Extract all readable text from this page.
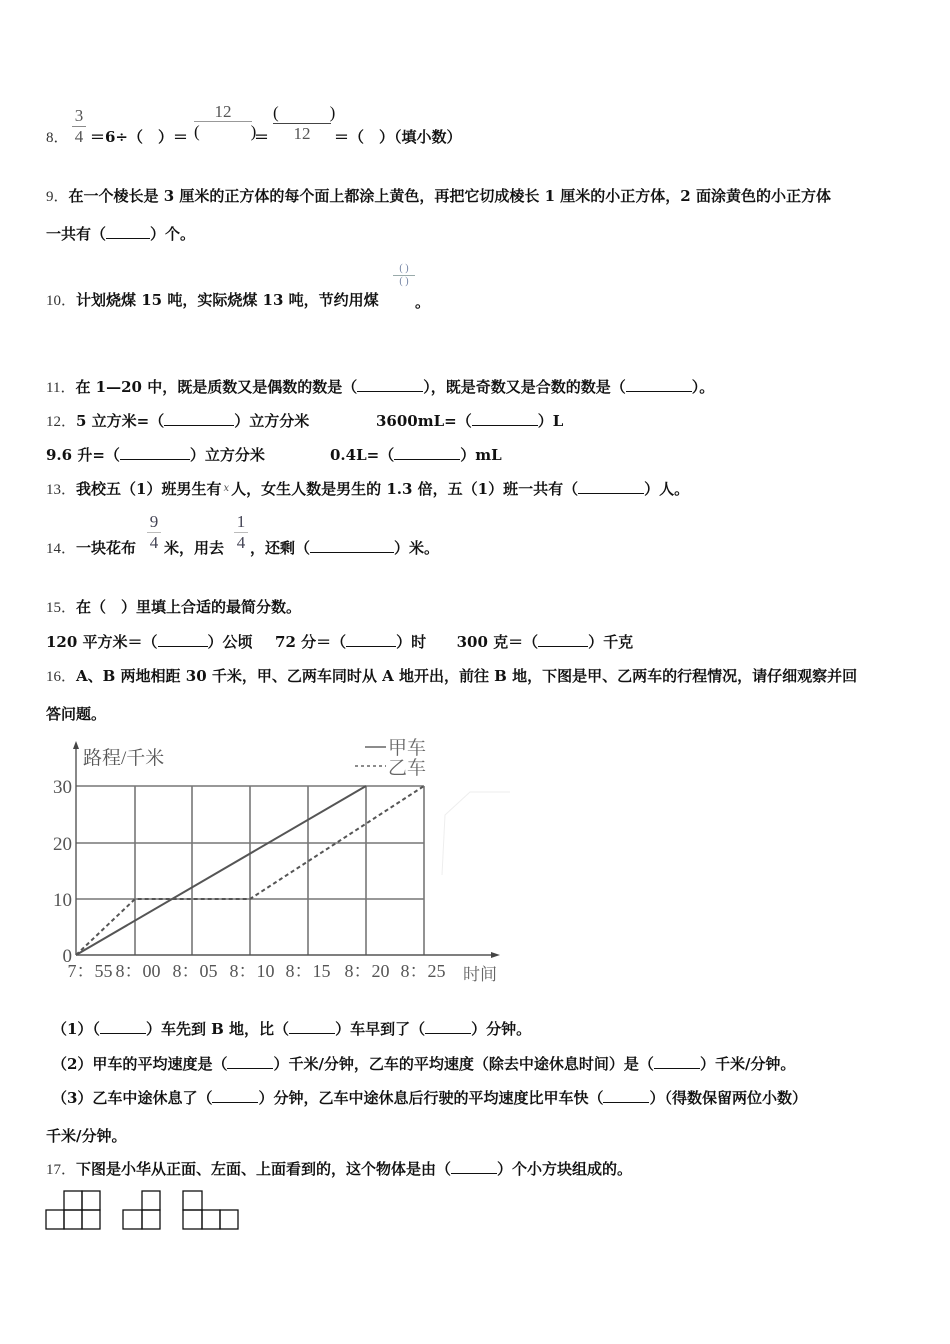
8．
3
4 ＝6÷（　）＝
12
(　　　)
＝
(　　　)
12	＝（　）（填小数）
9．在一个棱长是 3 厘米的正方体的每个面上都涂上黄色，再把它切成棱长 1 厘米的小正方体，2 面涂黄色的小正方体
一共有（	）个。
10．计划烧煤 15 吨，实际烧煤 13 吨，节约用煤
( )
( )
。
11．在 1—20 中，既是质数又是偶数的数是（	），既是奇数又是合数的数是（	）。
12．5 立方米=（	）立方分米	3600mL=（	）L
9.6 升=（	）立方分米	0.4L=（	）mL
13．我校五（1）班男生有 $^x$ 人，女生人数是男生的 1.3 倍，五（1）班一共有（	）人。
14．一块花布
9
4 米，用去
1
4 ，还剩（	）米。
15．在（　）里填上合适的最简分数。
120 平方米＝（	）公顷 72 分＝（	）时 300 克＝（	）千克
16．A、B 两地相距 30 千米，甲、乙两车同时从 A 地开出，前往 B 地，下图是甲、乙两车的行程情况，请仔细观察并回
答问题。
路程/千米
0
10
20
30
7：55 8：00 8：05 8：10 8：15 8：20 8：25 时间
甲车
乙车
（1）（	）车先到 B 地，比（	）车早到了（	）分钟。
（2）甲车的平均速度是（	）千米/分钟，乙车的平均速度（除去中途休息时间）是（	）千米/分钟。
（3）乙车中途休息了（	）分钟，乙车中途休息后行驶的平均速度比甲车快（	）（得数保留两位小数）
千米/分钟。
17．下图是小华从正面、左面、上面看到的，这个物体是由（	）个小方块组成的。
